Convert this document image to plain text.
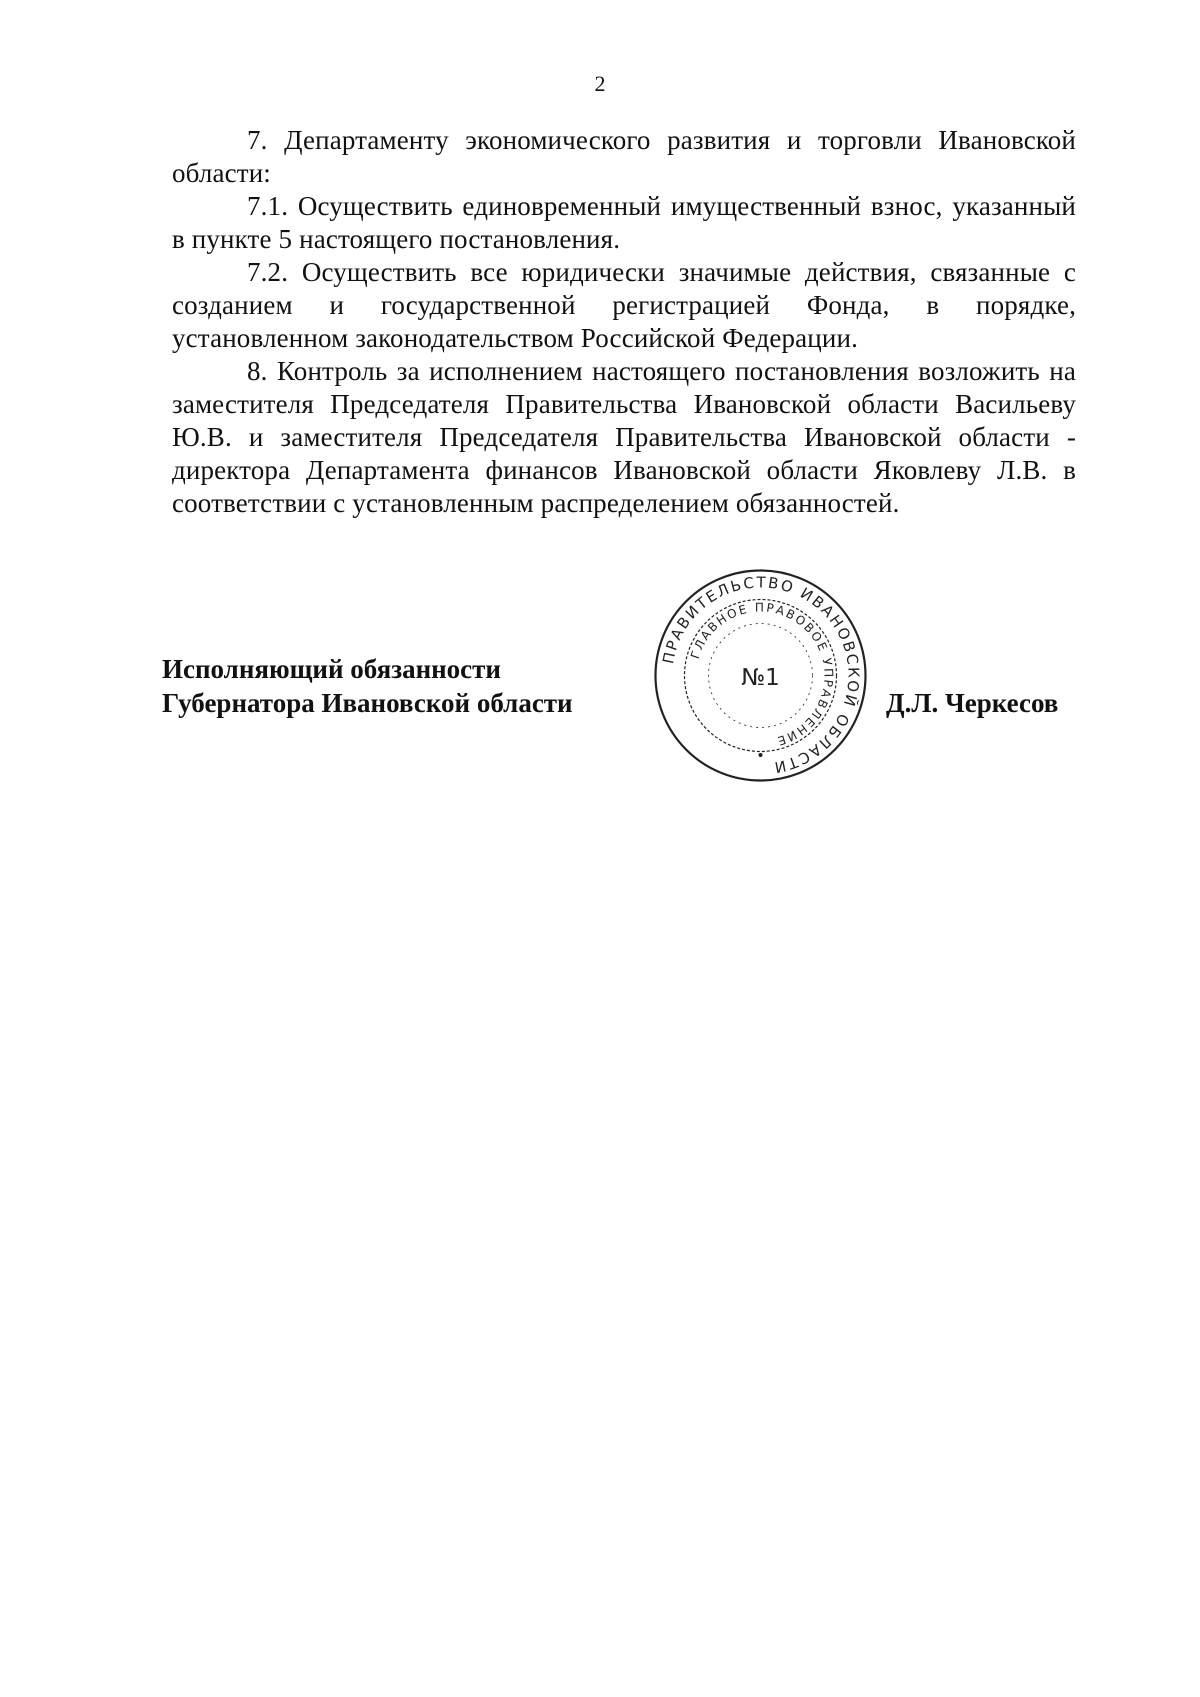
2

7. Департаменту экономического развития и торговли Ивановской области:

7.1. Осуществить единовременный имущественный взнос, указанный в пункте 5 настоящего постановления.

7.2. Осуществить все юридически значимые действия, связанные с созданием и государственной регистрацией Фонда, в порядке, установленном законодательством Российской Федерации.

8. Контроль за исполнением настоящего постановления возложить на заместителя Председателя Правительства Ивановской области Васильеву Ю.В. и заместителя Председателя Правительства Ивановской области - директора Департамента финансов Ивановской области Яковлеву Л.В. в соответствии с установленным распределением обязанностей.

Исполняющий обязанности
Губернатора Ивановской области
ПРАВИТЕЛЬСТВО ИВАНОВСКОЙ ОБЛАСТИ
ГЛАВНОЕ ПРАВОВОЕ УПРАВЛЕНИЕ
№1
Д.Л. Черкесов
